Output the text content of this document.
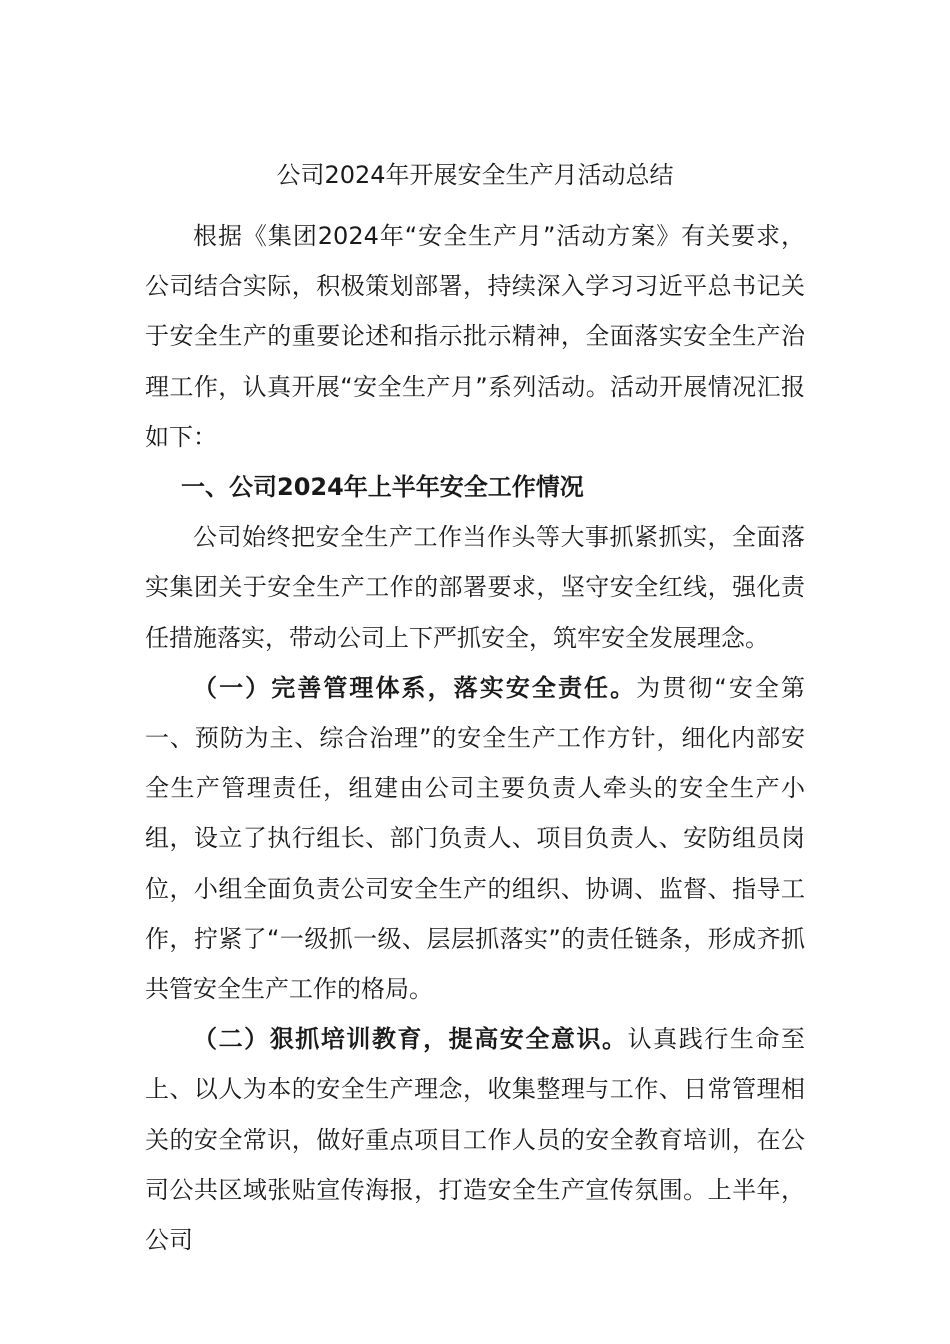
公司2024年开展安全生产月活动总结

根据《集团2024年“安全生产月”活动方案》有关要求，公司结合实际，积极策划部署，持续深入学习习近平总书记关于安全生产的重要论述和指示批示精神，全面落实安全生产治理工作，认真开展“安全生产月”系列活动。活动开展情况汇报如下：

一、公司2024年上半年安全工作情况

公司始终把安全生产工作当作头等大事抓紧抓实，全面落实集团关于安全生产工作的部署要求，坚守安全红线，强化责任措施落实，带动公司上下严抓安全，筑牢安全发展理念。

（一）完善管理体系，落实安全责任。为贯彻“安全第一、预防为主、综合治理”的安全生产工作方针，细化内部安全生产管理责任，组建由公司主要负责人牵头的安全生产小组，设立了执行组长、部门负责人、项目负责人、安防组员岗位，小组全面负责公司安全生产的组织、协调、监督、指导工作，拧紧了“一级抓一级、层层抓落实”的责任链条，形成齐抓共管安全生产工作的格局。

（二）狠抓培训教育，提高安全意识。认真践行生命至上、以人为本的安全生产理念，收集整理与工作、日常管理相关的安全常识，做好重点项目工作人员的安全教育培训，在公司公共区域张贴宣传海报，打造安全生产宣传氛围。上半年，公司
